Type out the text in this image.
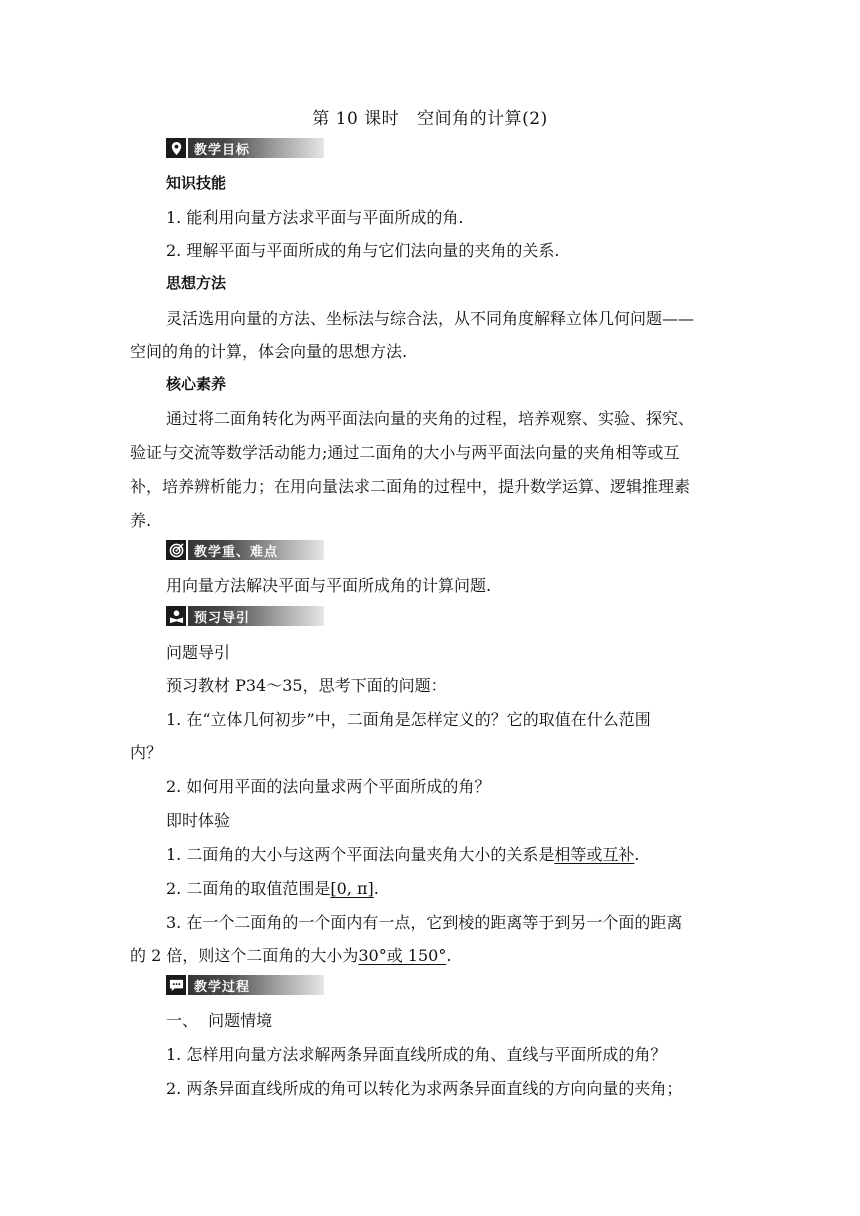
第 10 课时 空间角的计算(2)
教学目标
知识技能
1. 能利用向量方法求平面与平面所成的角.
2. 理解平面与平面所成的角与它们法向量的夹角的关系.
思想方法
灵活选用向量的方法、坐标法与综合法，从不同角度解释立体几何问题——
空间的角的计算，体会向量的思想方法.
核心素养
通过将二面角转化为两平面法向量的夹角的过程，培养观察、实验、探究、
验证与交流等数学活动能力;通过二面角的大小与两平面法向量的夹角相等或互
补，培养辨析能力；在用向量法求二面角的过程中，提升数学运算、逻辑推理素
养.
教学重、难点
用向量方法解决平面与平面所成角的计算问题.
预习导引
问题导引
预习教材 P34～35，思考下面的问题：
1. 在“立体几何初步”中，二面角是怎样定义的？它的取值在什么范围
内？
2. 如何用平面的法向量求两个平面所成的角？
即时体验
1. 二面角的大小与这两个平面法向量夹角大小的关系是相等或互补.
2. 二面角的取值范围是[0, π].
3. 在一个二面角的一个面内有一点，它到棱的距离等于到另一个面的距离
的 2 倍，则这个二面角的大小为30°或 150°.
教学过程
一、  问题情境
1. 怎样用向量方法求解两条异面直线所成的角、直线与平面所成的角？
2. 两条异面直线所成的角可以转化为求两条异面直线的方向向量的夹角；
